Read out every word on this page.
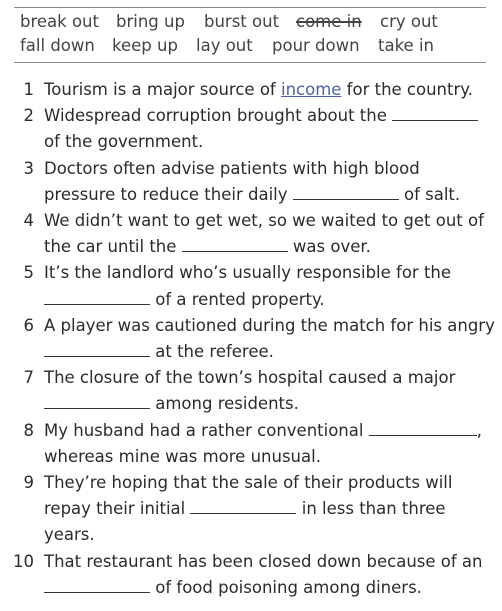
break out bring up burst out come in cry out
fall down keep up lay out pour down take in
1 Tourism is a major source of income for the country.
2 Widespread corruption brought about the
of the government.
3 Doctors often advise patients with high blood
pressure to reduce their daily	of salt.
4 We didn’t want to get wet, so we waited to get out of
the car until the	was over.
5 It’s the landlord who’s usually responsible for the
of a rented property.
6 A player was cautioned during the match for his angry
at the referee.
7 The closure of the town’s hospital caused a major
among residents.
8 My husband had a rather conventional	,
whereas mine was more unusual.
9 They’re hoping that the sale of their products will
repay their initial	in less than three
years.
10 That restaurant has been closed down because of an
of food poisoning among diners.
